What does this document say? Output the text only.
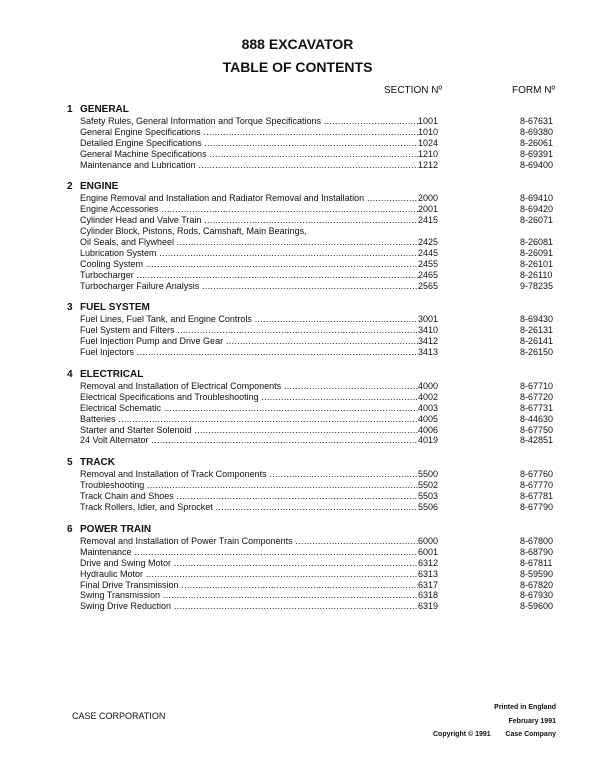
888 EXCAVATOR
TABLE OF CONTENTS
SECTION Nº	FORM Nº
1 GENERAL
Safety Rules, General Information and Torque Specifications .....	1001	8-67631
General Engine Specifications .....	1010	8-69380
Detailed Engine Specifications .....	1024	8-26061
General Machine Specifications .....	1210	8-69391
Maintenance and Lubrication .....	1212	8-69400
2 ENGINE
Engine Removal and Installation and Radiator Removal and Installation .....	2000	8-69410
Engine Accessories .....	2001	8-69420
Cylinder Head and Valve Train .....	2415	8-26071
Cylinder Block, Pistons, Rods, Camshaft, Main Bearings,
Oil Seals, and Flywheel .....	2425	8-26081
Lubrication System .....	2445	8-26091
Cooling System .....	2455	8-26101
Turbocharger .....	2465	8-26110
Turbocharger Failure Analysis .....	2565	9-78235
3 FUEL SYSTEM
Fuel Lines, Fuel Tank, and Engine Controls .....	3001	8-69430
Fuel System and Filters .....	3410	8-26131
Fuel Injection Pump and Drive Gear .....	3412	8-26141
Fuel Injectors .....	3413	8-26150
4 ELECTRICAL
Removal and Installation of Electrical Components .....	4000	8-67710
Electrical Specifications and Troubleshooting .....	4002	8-67720
Electrical Schematic .....	4003	8-67731
Batteries .....	4005	8-44630
Starter and Starter Solenoid .....	4006	8-67750
24 Volt Alternator .....	4019	8-42851
5 TRACK
Removal and Installation of Track Components .....	5500	8-67760
Troubleshooting .....	5502	8-67770
Track Chain and Shoes .....	5503	8-67781
Track Rollers, Idler, and Sprocket .....	5506	8-67790
6 POWER TRAIN
Removal and Installation of Power Train Components .....	6000	8-67800
Maintenance .....	6001	8-68790
Drive and Swing Motor .....	6312	8-67811
Hydraulic Motor .....	6313	8-59590
Final Drive Transmission .....	6317	8-67820
Swing Transmission .....	6318	8-67930
Swing Drive Reduction .....	6319	8-59600
CASE CORPORATION
Printed in England
February 1991
Copyright © 1991 Case Company
